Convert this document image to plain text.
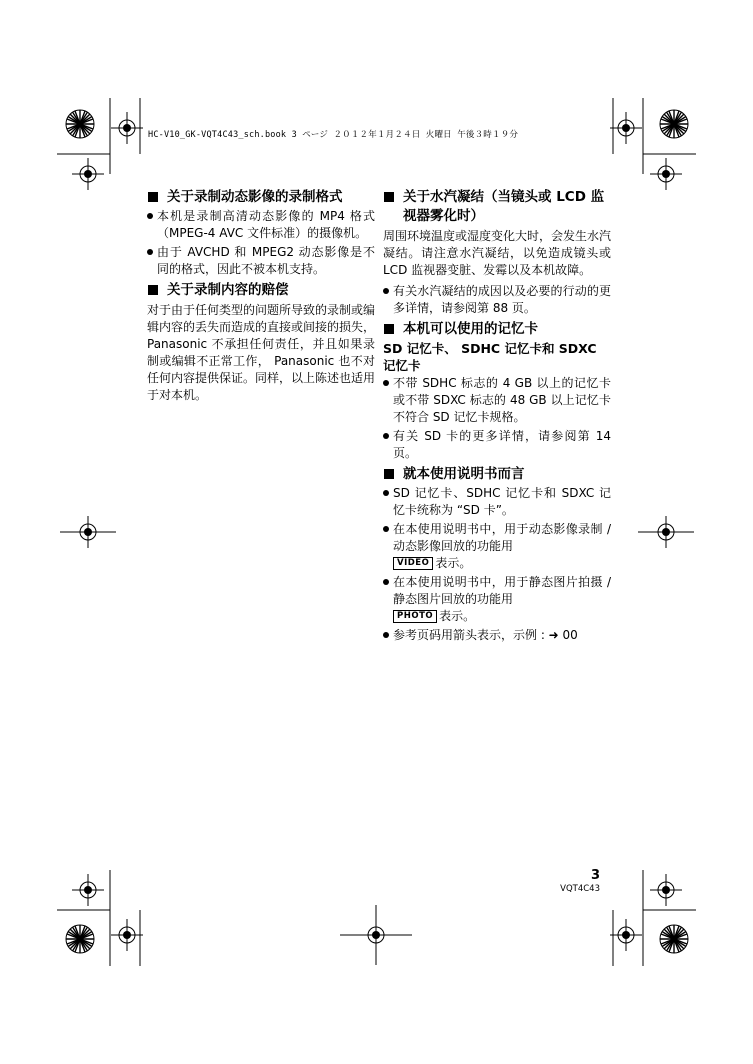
HC-V10_GK-VQT4C43_sch.book 3 ページ ２０１２年１月２４日 火曜日 午後３時１９分
关于录制动态影像的录制格式
本机是录制高清动态影像的 MP4 格式（MPEG-4 AVC 文件标准）的摄像机。
由于 AVCHD 和 MPEG2 动态影像是不同的格式，因此不被本机支持。
关于录制内容的赔偿
对于由于任何类型的问题所导致的录制或编辑内容的丢失而造成的直接或间接的损失， Panasonic 不承担任何责任，并且如果录制或编辑不正常工作， Panasonic 也不对任何内容提供保证。同样，以上陈述也适用于对本机。
关于水汽凝结（当镜头或 LCD 监视器雾化时）
周围环境温度或湿度变化大时，会发生水汽凝结。请注意水汽凝结，以免造成镜头或 LCD 监视器变脏、发霉以及本机故障。
有关水汽凝结的成因以及必要的行动的更多详情，请参阅第 88 页。
本机可以使用的记忆卡
SD 记忆卡、 SDHC 记忆卡和 SDXC 记忆卡
不带 SDHC 标志的 4 GB 以上的记忆卡或不带 SDXC 标志的 48 GB 以上记忆卡不符合 SD 记忆卡规格。
有关 SD 卡的更多详情，请参阅第 14 页。
就本使用说明书而言
SD 记忆卡、SDHC 记忆卡和 SDXC 记忆卡统称为 “SD 卡”。
在本使用说明书中，用于动态影像录制 / 动态影像回放的功能用
VIDEO 表示。
在本使用说明书中，用于静态图片拍摄 / 静态图片回放的功能用
PHOTO 表示。
参考页码用箭头表示，示例 : ➜ 00
3
VQT4C43
